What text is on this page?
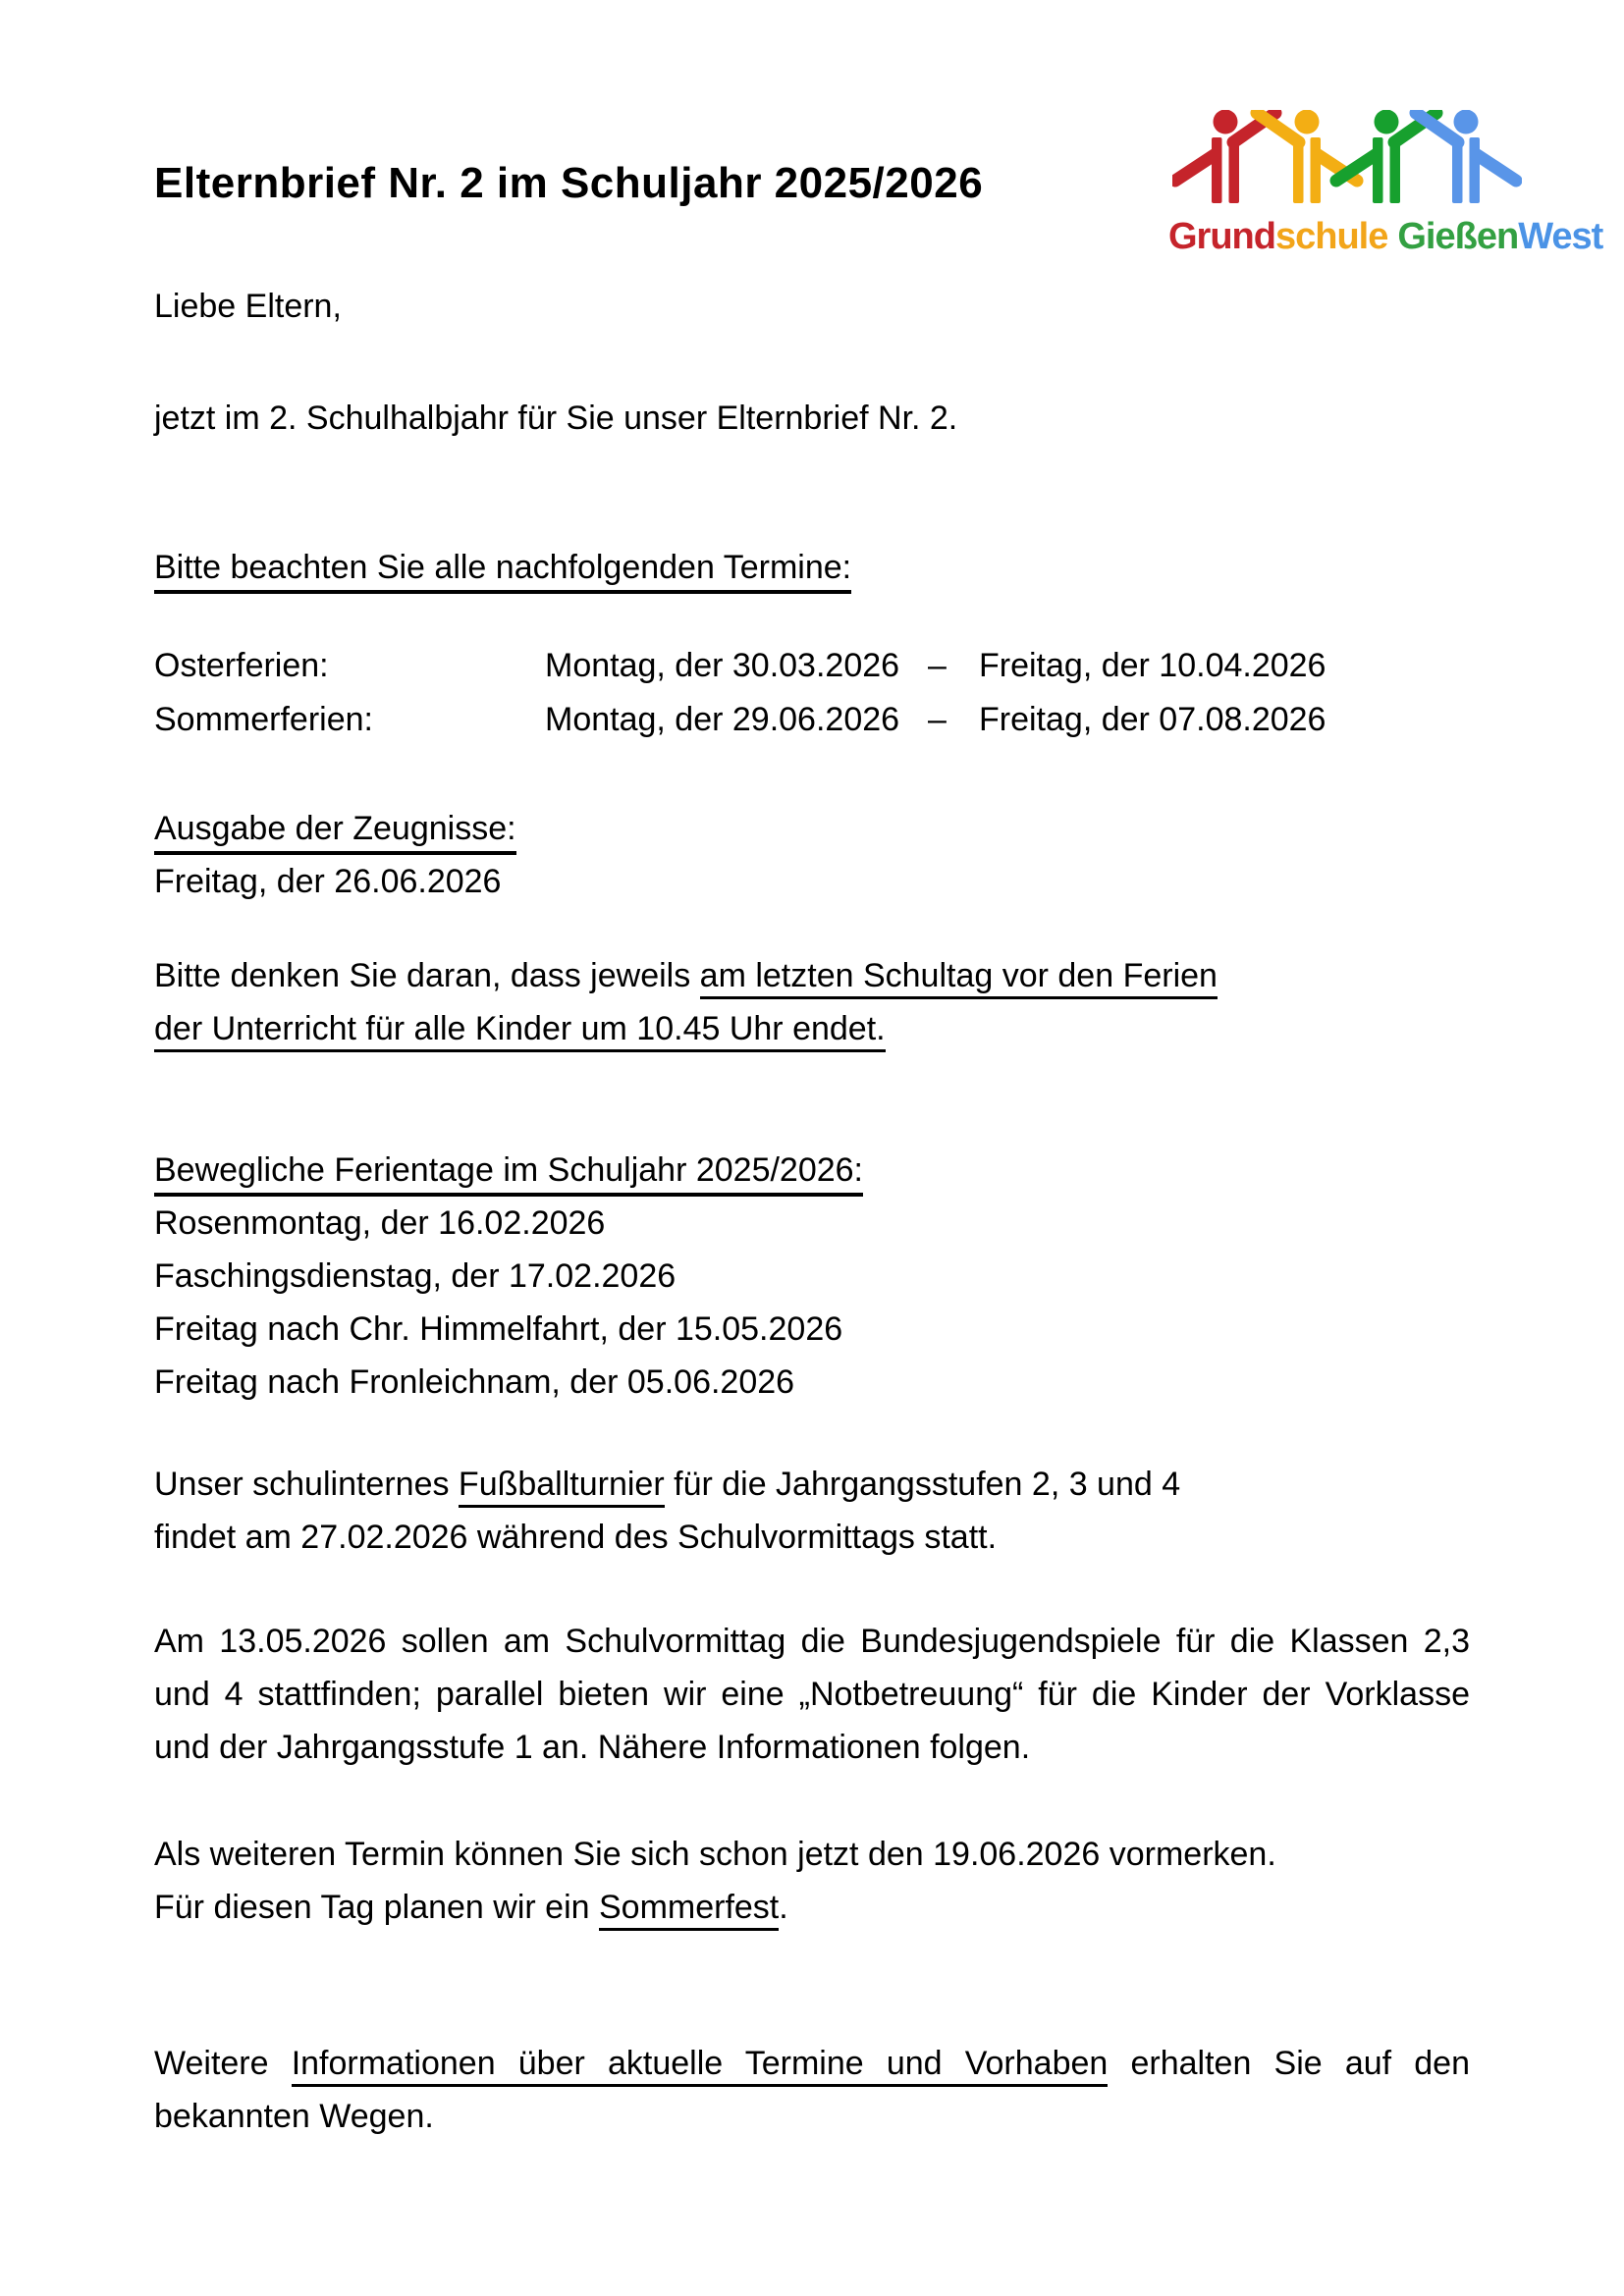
Elternbrief Nr. 2 im Schuljahr 2025/2026
Grundschule GießenWest
Liebe Eltern,
jetzt im 2. Schulhalbjahr für Sie unser Elternbrief Nr. 2.
Bitte beachten Sie alle nachfolgenden Termine:
Osterferien:	Montag, der 30.03.2026 – Freitag, der 10.04.2026
Sommerferien:	Montag, der 29.06.2026 – Freitag, der 07.08.2026
Ausgabe der Zeugnisse:
Freitag, der 26.06.2026
Bitte denken Sie daran, dass jeweils am letzten Schultag vor den Ferien
der Unterricht für alle Kinder um 10.45 Uhr endet.
Bewegliche Ferientage im Schuljahr 2025/2026:
Rosenmontag, der 16.02.2026
Faschingsdienstag, der 17.02.2026
Freitag nach Chr. Himmelfahrt, der 15.05.2026
Freitag nach Fronleichnam, der 05.06.2026
Unser schulinternes Fußballturnier für die Jahrgangsstufen 2, 3 und 4
findet am 27.02.2026 während des Schulvormittags statt.
Am 13.05.2026 sollen am Schulvormittag die Bundesjugendspiele für die Klassen 2,3
und 4 stattfinden; parallel bieten wir eine „Notbetreuung“ für die Kinder der Vorklasse
und der Jahrgangsstufe 1 an. Nähere Informationen folgen.
Als weiteren Termin können Sie sich schon jetzt den 19.06.2026 vormerken.
Für diesen Tag planen wir ein Sommerfest.
Weitere Informationen über aktuelle Termine und Vorhaben erhalten Sie auf den
bekannten Wegen.
